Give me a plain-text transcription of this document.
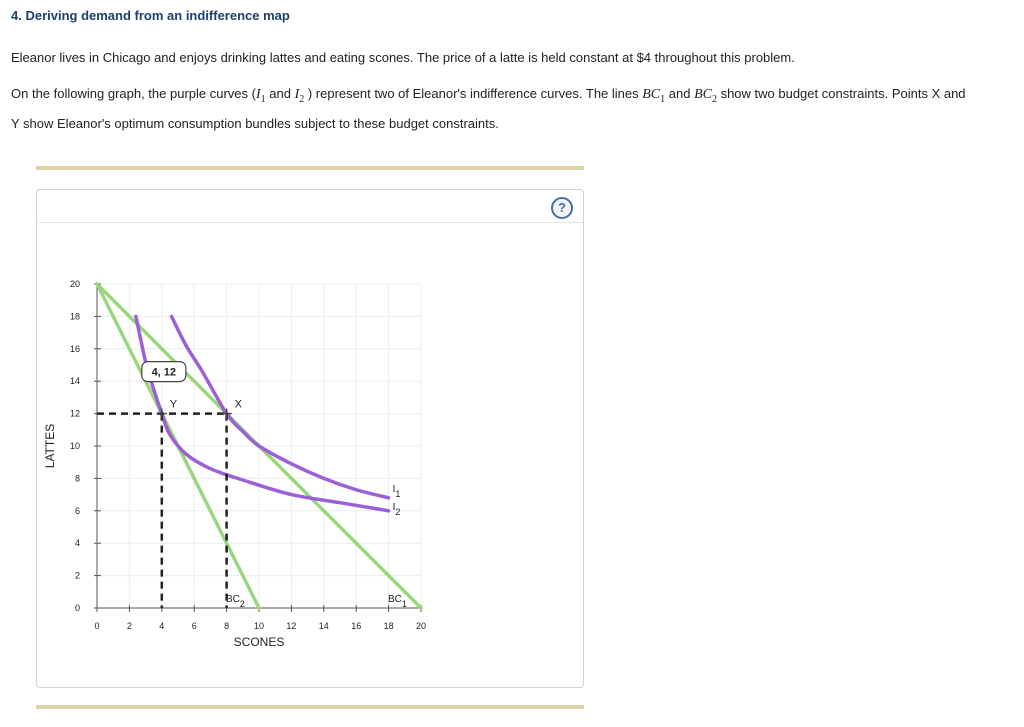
4. Deriving demand from an indifference map

Eleanor lives in Chicago and enjoys drinking lattes and eating scones. The price of a latte is held constant at $4 throughout this problem.

On the following graph, the purple curves ($I_1$ and $I_2$ ) represent two of Eleanor's indifference curves. The lines $BC_1$ and $BC_2$ show two budget constraints. Points X and Y show Eleanor's optimum consumption bundles subject to these budget constraints.

?
0	2	4	6	8	10 12 14 16 18 20
0
2
4
6
8
10
12
14
16
18
20
SCONES
LATTES
X
Y
I1
I2
BC1
BC2
4, 12
